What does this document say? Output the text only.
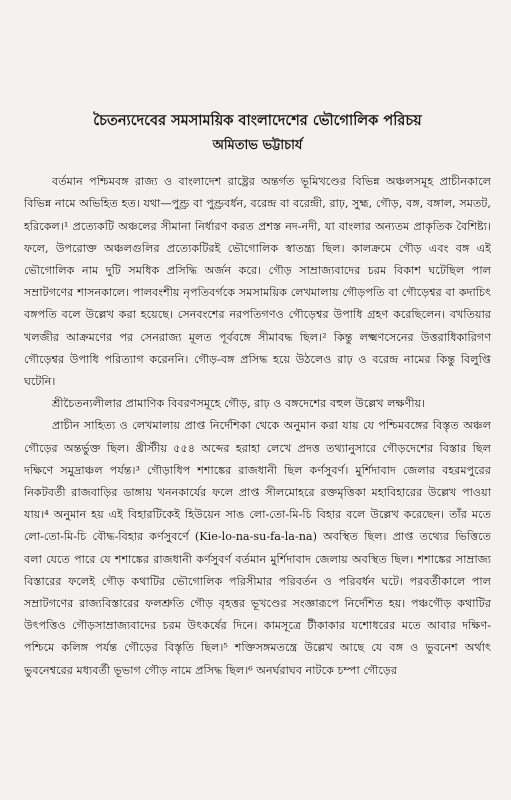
চৈতন্যদেবের সমসাময়িক বাংলাদেশের ভৌগোলিক পরিচয়
অমিতাভ ভট্টাচার্য

বর্তমান পশ্চিমবঙ্গ রাজ্য ও বাংলাদেশ রাষ্ট্রের অন্তর্গত ভূমিখণ্ডের বিভিন্ন অঞ্চলসমূহ প্রাচীনকালে বিভিন্ন নামে অভিহিত হত। যথা—পুণ্ড্র বা পুণ্ড্রবর্ধন, বরেন্দ্র বা বরেন্দ্রী, রাঢ়, সুহ্ম, গৌড়, বঙ্গ, বঙ্গাল, সমতট, হরিকেল।¹ প্রত্যেকটি অঞ্চলের সীমানা নির্ধারণ করত প্রশস্ত নদ-নদী, যা বাংলার অন্যতম প্রাকৃতিক বৈশিষ্ট্য। ফলে, উপরোক্ত অঞ্চলগুলির প্রত্যেকটিরই ভৌগোলিক স্বাতন্ত্র্য ছিল। কালক্রমে গৌড় এবং বঙ্গ এই ভৌগোলিক নাম দুটি সমধিক প্রসিদ্ধি অর্জন করে। গৌড় সাম্রাজ্যবাদের চরম বিকাশ ঘটেছিল পাল সম্রাটগণের শাসনকালে। পালবংশীয় নৃপতিবর্গকে সমসাময়িক লেখমালায় গৌড়পতি বা গৌড়েশ্বর বা কদাচিৎ বঙ্গপতি বলে উল্লেখ করা হয়েছে। সেনবংশের নরপতিগণও গৌড়েশ্বর উপাধি গ্রহণ করেছিলেন। বখতিয়ার খলজীর আক্রমণের পর সেনরাজ্য মূলত পূর্ববঙ্গে সীমাবদ্ধ ছিল।² কিন্তু লক্ষ্মণসেনের উত্তরাধিকারিগণ গৌড়েশ্বর উপাধি পরিত্যাগ করেননি। গৌড়-বঙ্গ প্রসিদ্ধ হয়ে উঠলেও রাঢ় ও বরেন্দ্র নামের কিন্তু বিলুপ্তি ঘটেনি।

শ্রীচৈতন্যলীলার প্রামাণিক বিবরণসমূহে গৌড়, রাঢ় ও বঙ্গদেশের বহুল উল্লেখ লক্ষণীয়।

প্রাচীন সাহিত্য ও লেখমালায় প্রাপ্ত নির্দেশিকা থেকে অনুমান করা যায় যে পশ্চিমবঙ্গের বিস্তৃত অঞ্চল গৌড়ের অন্তর্ভুক্ত ছিল। খ্রীস্টীয় ৫৫৪ অব্দের হরাহা লেখে প্রদত্ত তথ্যানুসারে গৌড়দেশের বিস্তার ছিল দক্ষিণে সমুদ্রাঞ্চল পর্যন্ত।³ গৌড়াধিপ শশাঙ্কের রাজধানী ছিল কর্ণসুবর্ণ। মুর্শিদাবাদ জেলার বহরমপুরের নিকটবর্তী রাজবাড়ির ডাঙ্গায় খননকার্যের ফলে প্রাপ্ত সীলমোহরে রক্তমৃত্তিকা মহাবিহারের উল্লেখ পাওয়া যায়।⁴ অনুমান হয় এই বিহারটিকেই হিউয়েন সাঙ লো-তো-মি-চি বিহার বলে উল্লেখ করেছেন। তাঁর মতে লো-তো-মি-চি বৌদ্ধ-বিহার কর্ণসুবর্ণে (Kie-lo-na-su-fa-la-na) অবস্থিত ছিল। প্রাপ্ত তথ্যের ভিত্তিতে বলা যেতে পারে যে শশাঙ্কের রাজধানী কর্ণসুবর্ণ বর্তমান মুর্শিদাবাদ জেলায় অবস্থিত ছিল। শশাঙ্কের সাম্রাজ্য বিস্তারের ফলেই গৌড় কথাটির ভৌগোলিক পরিসীমার পরিবর্তন ও পরিবর্ধন ঘটে। পরবর্তীকালে পাল সম্রাটগণের রাজ্যবিস্তারের ফলশ্রুতি গৌড় বৃহত্তর ভূখণ্ডের সংজ্ঞারূপে নির্দেশিত হয়। পঞ্চগৌড় কথাটির উৎপত্তিও গৌড়সাম্রাজ্যবাদের চরম উৎকর্ষের দিনে। কামসূত্রে টীকাকার যশোধরের মতে আবার দক্ষিণ-পশ্চিমে কলিঙ্গ পর্যন্ত গৌড়ের বিস্তৃতি ছিল।⁵ শক্তিসঙ্গমতন্ত্রে উল্লেখ আছে যে বঙ্গ ও ভুবনেশ অর্থাৎ ভুবনেশ্বরের মধ্যবর্তী ভূভাগ গৌড় নামে প্রসিদ্ধ ছিল।⁶ অনর্ঘরাঘব নাটকে চম্পা গৌড়ের
